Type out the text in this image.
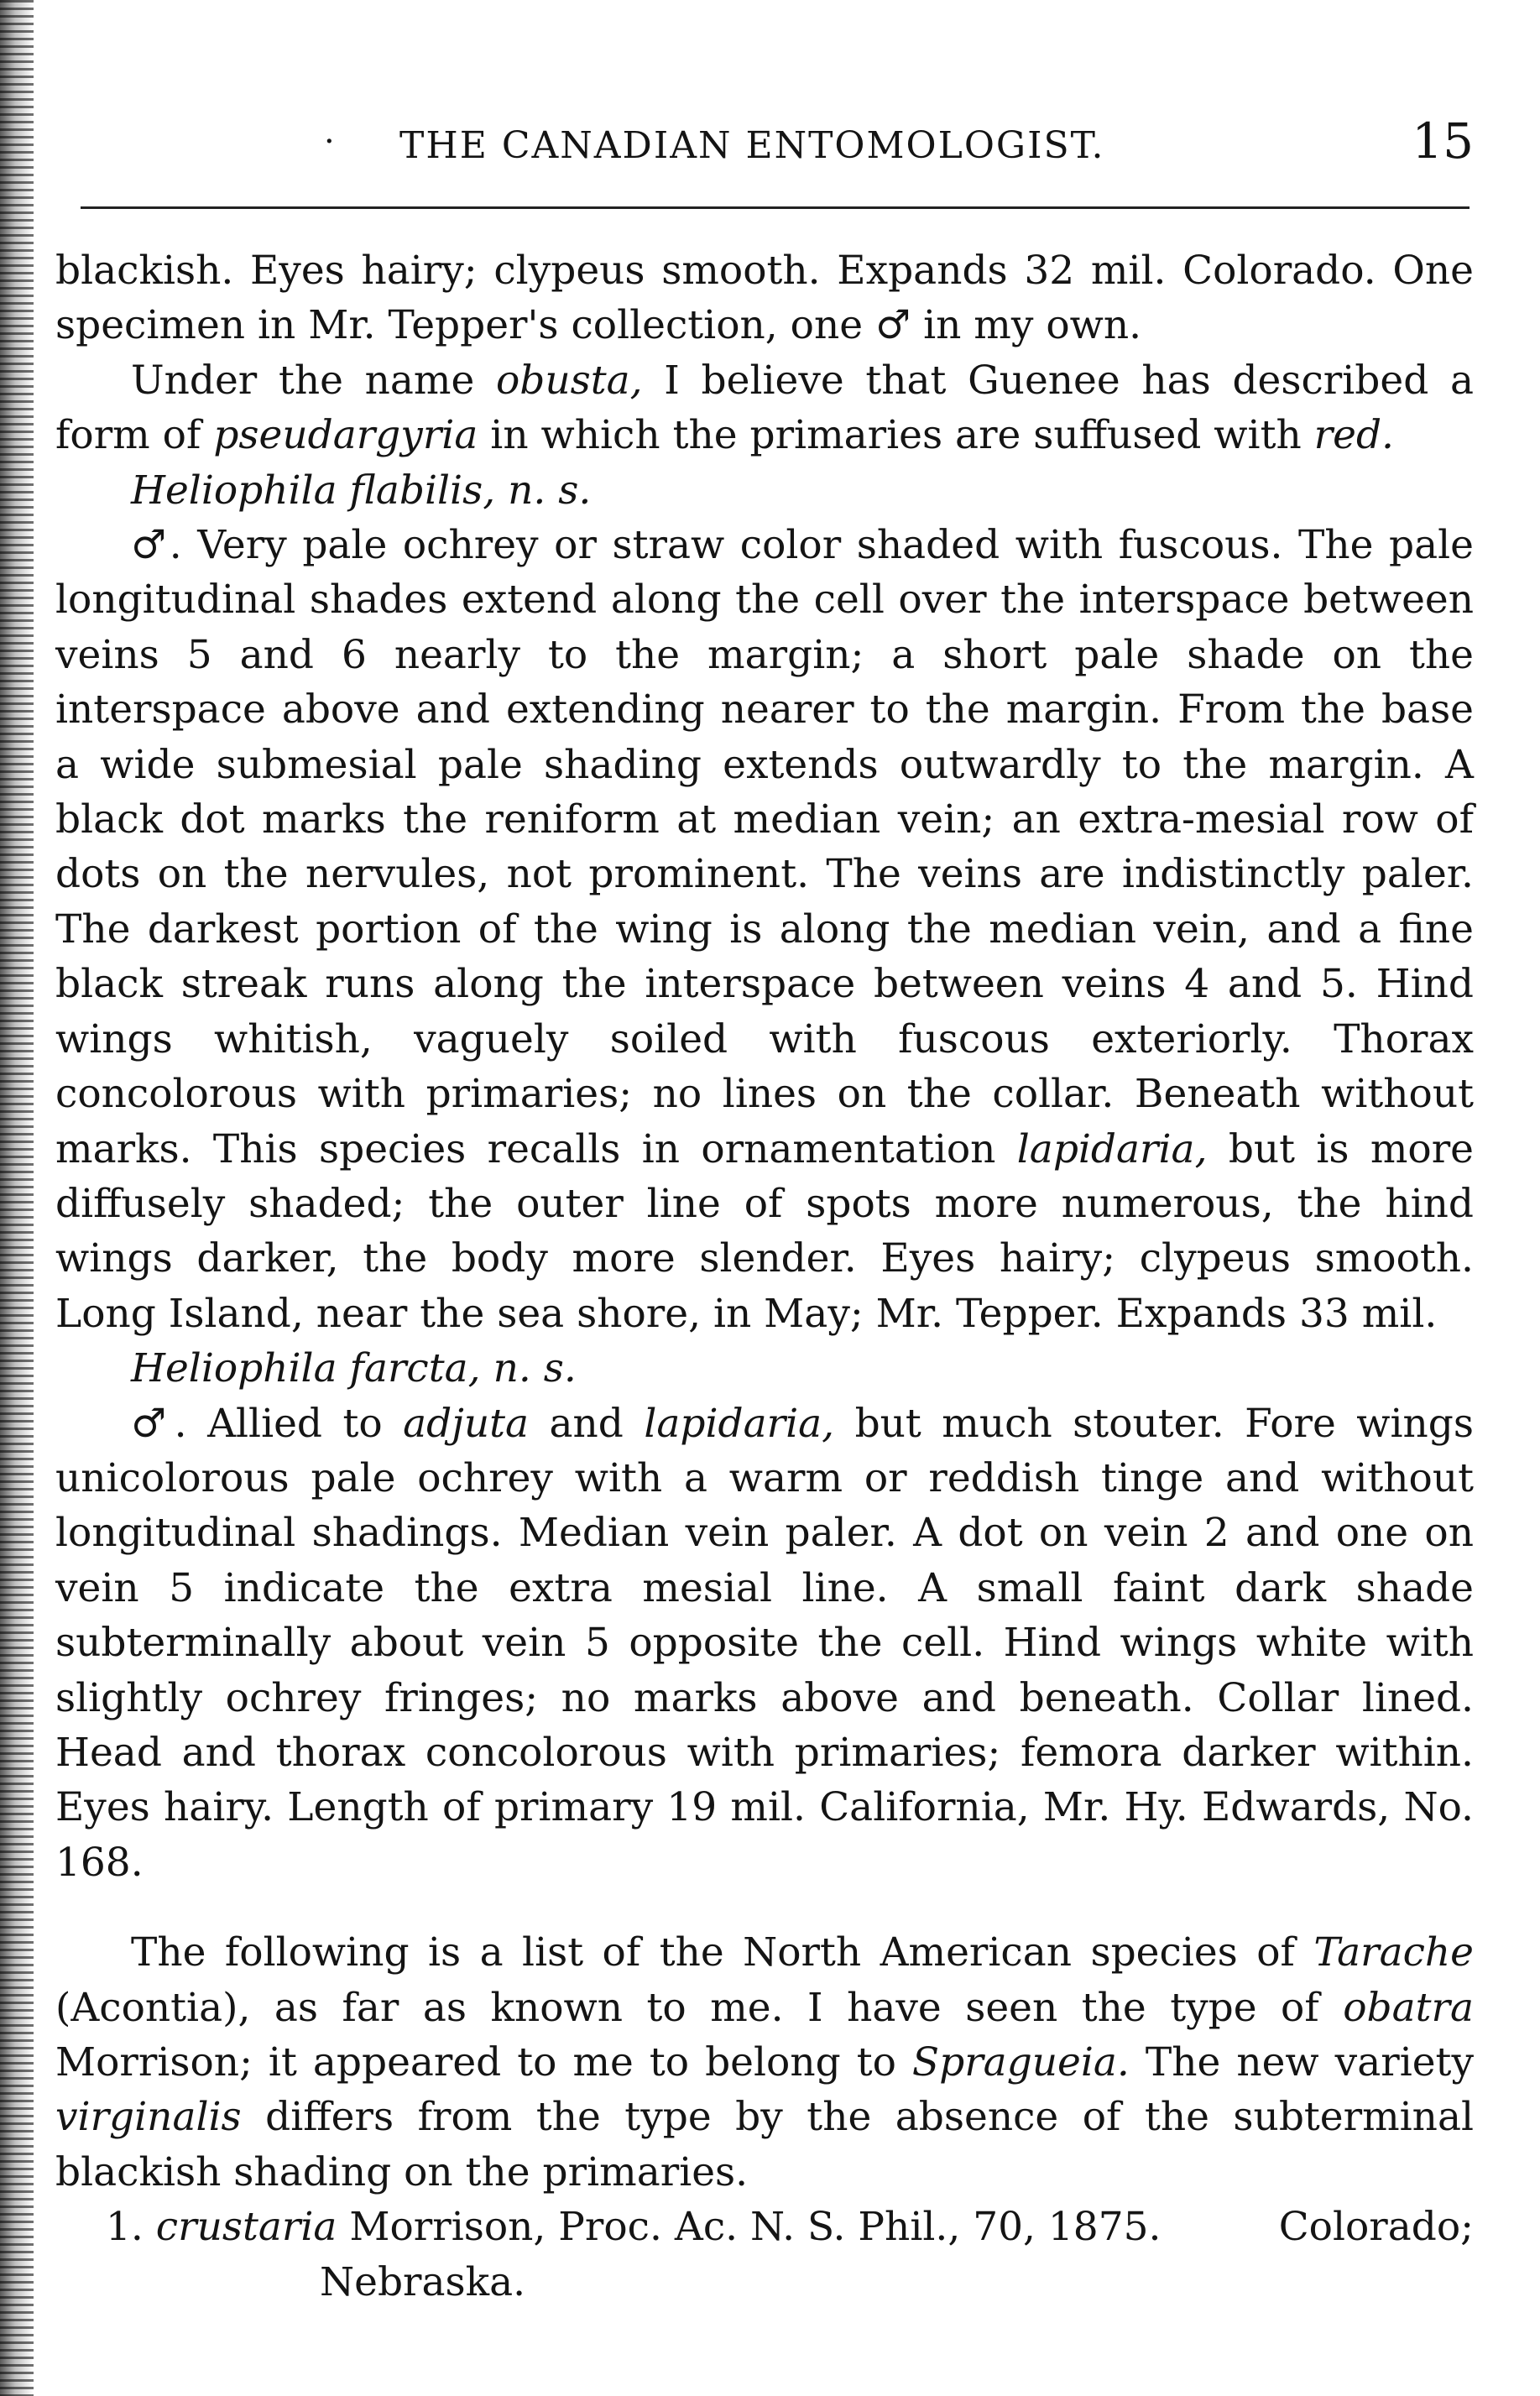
· THE CANADIAN ENTOMOLOGIST.	15

blackish. Eyes hairy; clypeus smooth. Expands 32 mil. Colorado. One specimen in Mr. Tepper's collection, one ♂ in my own.

Under the name obusta, I believe that Guenee has described a form of pseudargyria in which the primaries are suffused with red.

Heliophila flabilis, n. s.

♂. Very pale ochrey or straw color shaded with fuscous. The pale longitudinal shades extend along the cell over the interspace between veins 5 and 6 nearly to the margin; a short pale shade on the interspace above and extending nearer to the margin. From the base a wide submesial pale shading extends outwardly to the margin. A black dot marks the reniform at median vein; an extra-mesial row of dots on the nervules, not prominent. The veins are indistinctly paler. The darkest portion of the wing is along the median vein, and a fine black streak runs along the interspace between veins 4 and 5. Hind wings whitish, vaguely soiled with fuscous exteriorly. Thorax concolorous with primaries; no lines on the collar. Beneath without marks. This species recalls in ornamentation lapidaria, but is more diffusely shaded; the outer line of spots more numerous, the hind wings darker, the body more slender. Eyes hairy; clypeus smooth. Long Island, near the sea shore, in May; Mr. Tepper. Expands 33 mil.

Heliophila farcta, n. s.

♂. Allied to adjuta and lapidaria, but much stouter. Fore wings unicolorous pale ochrey with a warm or reddish tinge and without longitudinal shadings. Median vein paler. A dot on vein 2 and one on vein 5 indicate the extra mesial line. A small faint dark shade subterminally about vein 5 opposite the cell. Hind wings white with slightly ochrey fringes; no marks above and beneath. Collar lined. Head and thorax concolorous with primaries; femora darker within. Eyes hairy. Length of primary 19 mil. California, Mr. Hy. Edwards, No. 168.

The following is a list of the North American species of Tarache (Acontia), as far as known to me. I have seen the type of obatra Morrison; it appeared to me to belong to Spragueia. The new variety virginalis differs from the type by the absence of the subterminal blackish shading on the primaries.

1. crustaria Morrison, Proc. Ac. N. S. Phil., 70, 1875.	Colorado;
Nebraska.
